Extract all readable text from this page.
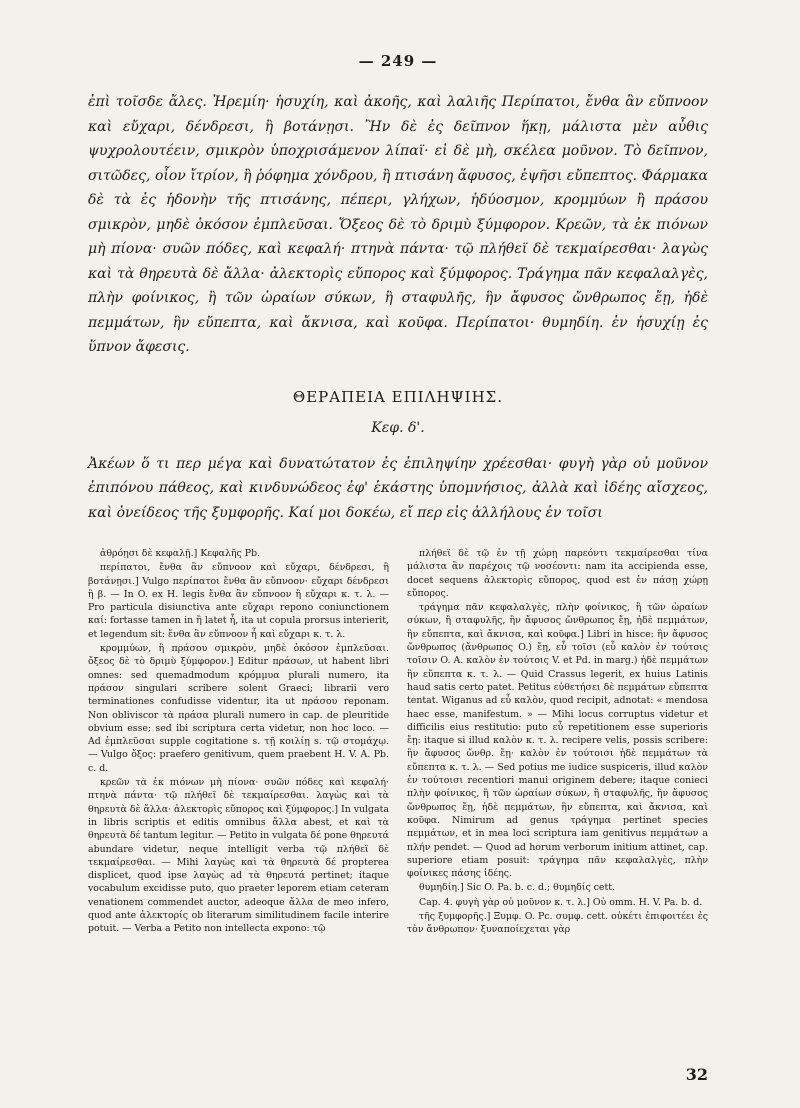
— 249 —

ἐπὶ τοῖσδε ἄλες. Ἠρεμίη· ἡσυχίη, καὶ ἀκοῆς, καὶ λαλιῆς Περίπατοι, ἔνθα ἂν εὔπνοον καὶ εὔχαρι, δένδρεσι, ἢ βοτάνῃσι. Ἢν δὲ ἐς δεῖπνον ἥκῃ, μάλιστα μὲν αὖθις ψυχρολουτέειν, σμικρὸν ὑποχρισάμενον λίπαϊ· εἰ δὲ μὴ, σκέλεα μοῦνον. Τὸ δεῖπνον, σιτῶδες, οἷον ἴτρίον, ἢ ῥόφημα χόνδρου, ἢ πτισάνη ἄφυσος, ἑψῆσι εὔπεπτος. Φάρμακα δὲ τὰ ἐς ἡδονὴν τῆς πτισάνης, πέπερι, γλήχων, ἡδύοσμον, κρομμύων ἢ πράσου σμικρὸν, μηδὲ ὁκόσον ἐμπλεῦσαι. Ὄξεος δὲ τὸ δριμὺ ξύμφορον. Κρεῶν, τὰ ἐκ πιόνων μὴ πίονα· συῶν πόδες, καὶ κεφαλή· πτηνὰ πάντα· τῷ πλήθεϊ δὲ τεκμαίρεσθαι· λαγὼς καὶ τὰ θηρευτὰ δὲ ἄλλα· ἀλεκτορὶς εὔπορος καὶ ξύμφορος. Τράγημα πᾶν κεφαλαλγὲς, πλὴν φοίνικος, ἢ τῶν ὡραίων σύκων, ἢ σταφυλῆς, ἣν ἄφυσος ὤνθρωπος ἔῃ, ἠδὲ πεμμάτων, ἣν εὔπεπτα, καὶ ἄκνισα, καὶ κοῦφα. Περίπατοι· θυμηδίη. ἐν ἡσυχίῃ ἐς ὕπνον ἄφεσις.

ΘΕΡΑΠΕΙΑ ΕΠΙΛΗΨΙΗΣ.
Κεφ. δ'.

Ἀκέων ὅ τι περ μέγα καὶ δυνατώτατον ἐς ἐπιληψίην χρέεσθαι· φυγὴ γὰρ οὐ μοῦνον ἐπιπόνου πάθεος, καὶ κινδυνώδεος ἐφ' ἑκάστης ὑπομνήσιος, ἀλλὰ καὶ ἰδέης αἴσχεος, καὶ ὀνείδεος τῆς ξυμφορῆς. Καί μοι δοκέω, εἴ περ εἰς ἀλλήλους ἐν τοῖσι

ἀθρόῃσι δὲ κεφαλῇ.] Κεφαλῆς Pb.

περίπατοι, ἔνθα ἂν εὔπνοον καὶ εὔχαρι, δένδρεσι, ἢ βοτάνῃσι.] Vulgo περίπατοι ἔνθα ἂν εὔπνοον· εὔχαρι δένδρεσι ἢ β. — In O. ex H. legis ἔνθα ἂν εὔπνοον ἢ εὔχαρι κ. τ. λ. — Pro particula disiunctiva ante εὔχαρι repono coniunctionem καί: fortasse tamen in ἢ latet ἦ, ita ut copula prorsus interierit, et legendum sit: ἔνθα ἂν εὔπνοον ἦ καὶ εὔχαρι κ. τ. λ.

κρομμύων, ἢ πράσου σμικρὸν, μηδὲ ὁκόσον ἐμπλεῦσαι. ὄξεος δὲ τὸ δριμὺ ξύμφορον.] Editur πράσων, ut habent libri omnes: sed quemadmodum κρόμμυα plurali numero, ita πράσον singulari scribere solent Graeci; librarii vero terminationes confudisse videntur, ita ut πράσου reponam. Non obliviscor τὰ πράσα plurali numero in cap. de pleuritide obvium esse; sed ibi scriptura certa videtur, non hoc loco. — Ad ἐμπλεῦσαι supple cogitatione s. τῇ κοιλίῃ s. τῷ στομάχῳ. — Vulgo ὄξος: praefero genitivum, quem praebent H. V. A. Pb. c. d.

κρεῶν τὰ ἐκ πιόνων μὴ πίονα· συῶν πόδες καὶ κεφαλή· πτηνὰ πάντα· τῷ πλήθεϊ δὲ τεκμαίρεσθαι. λαγὼς καὶ τὰ θηρευτὰ δὲ ἄλλα· ἀλεκτορὶς εὔπορος καὶ ξύμφορος.] In vulgata in libris scriptis et editis omnibus ἄλλα abest, et καὶ τὰ θηρευτὰ δέ tantum legitur. — Petito in vulgata δέ pone θηρευτά abundare videtur, neque intelligit verba τῷ πλήθεϊ δὲ τεκμαίρεσθαι. — Mihi λαγὼς καὶ τὰ θηρευτὰ δέ propterea displicet, quod ipse λαγὼς ad τὰ θηρευτά pertinet; itaque vocabulum excidisse puto, quo praeter leporem etiam ceteram venationem commendet auctor, adeoque ἄλλα de meo infero, quod ante ἀλεκτορίς ob literarum similitudinem facile interire potuit. — Verba a Petito non intellecta expono: τῷ

πλήθεϊ δὲ τῷ ἐν τῇ χώρῃ παρεόντι τεκμαίρεσθαι τίνα μάλιστα ἂν παρέχοις τῷ νοσέοντι: nam ita accipienda esse, docet sequens ἀλεκτορὶς εὔπορος, quod est ἐν πάσῃ χώρῃ εὔπορος.

τράγημα πᾶν κεφαλαλγὲς, πλὴν φοίνικος, ἢ τῶν ὡραίων σύκων, ἢ σταφυλῆς, ἣν ἄφυσος ὤνθρωπος ἔῃ, ἠδὲ πεμμάτων, ἣν εὔπεπτα, καὶ ἄκνισα, καὶ κοῦφα.] Libri in hisce: ἣν ἄφυσος ὤνθρωπος (ἄνθρωπος O.) ἔῃ, εὖ τοῖσι (εὖ καλὸν ἐν τούτοις τοῖσιν O. A. καλὸν ἐν τούτοις V. et Pd. in marg.) ἠδὲ πεμμάτων ἢν εὔπεπτα κ. τ. λ. — Quid Crassus legerit, ex huius Latinis haud satis certo patet. Petitus εὐθετήσει δὲ πεμμάτων εὔπεπτα tentat. Wiganus ad εὖ καλὸν, quod recipit, adnotat: « mendosa haec esse, manifestum. » — Mihi locus corruptus videtur et difficilis eius restitutio: puto εὖ repetitionem esse superioris ἔῃ: itaque si illud καλὸν κ. τ. λ. recipere velis, possis scribere: ἣν ἄφυσος ὤνθρ. ἔῃ· καλὸν ἐν τούτοισι ἠδὲ πεμμάτων τὰ εὔπεπτα κ. τ. λ. — Sed potius me iudice suspiceris, illud καλὸν ἐν τούτοισι recentiori manui originem debere; itaque conieci πλὴν φοίνικος, ἢ τῶν ὡραίων σύκων, ἢ σταφυλῆς, ἣν ἄφυσος ὤνθρωπος ἔῃ, ἠδὲ πεμμάτων, ἣν εὔπεπτα, καὶ ἄκνισα, καὶ κοῦφα. Nimirum ad genus τράγημα pertinet species πεμμάτων, et in mea loci scriptura iam genitivus πεμμάτων a πλήν pendet. — Quod ad horum verborum initium attinet, cap. superiore etiam posuit: τράγημα πᾶν κεφαλαλγὲς, πλὴν φοίνικες πάσης ἰδέης.

θυμηδίη.] Sic O. Pa. b. c. d.; θυμηδίς cett.

Cap. 4. φυγὴ γὰρ οὐ μοῦνον κ. τ. λ.] Οὐ omm. H. V. Pa. b. d.

τῆς ξυμφορῆς.] Ξυμφ. O. Pc. συμφ. cett. οὐκέτι ἐπιφοιτέει ἐς τὸν ἄνθρωπον· ξυναποίεχεται γὰρ

32
